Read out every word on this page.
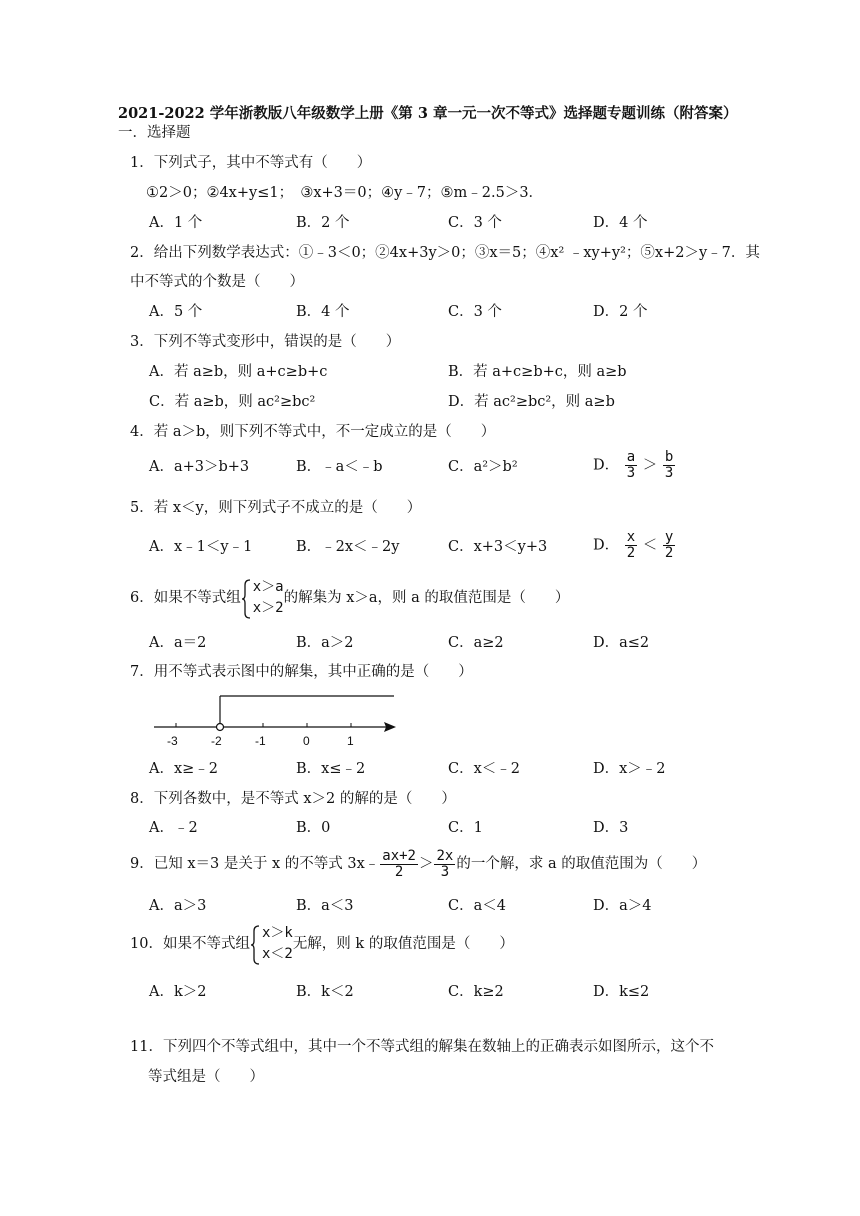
2021-2022 学年浙教版八年级数学上册《第 3 章一元一次不等式》选择题专题训练（附答案）
一．选择题
1．下列式子，其中不等式有（　　）
①2＞0；②4x+y≤1；　③x+3＝0；④y﹣7；⑤m﹣2.5＞3．
A．1 个	B．2 个	C．3 个	D．4 个
2．给出下列数学表达式：①﹣3＜0；②4x+3y＞0；③x＝5；④x² ﹣xy+y²；⑤x+2＞y﹣7．其
中不等式的个数是（　　）
A．5 个	B．4 个	C．3 个	D．2 个
3．下列不等式变形中，错误的是（　　）
A．若 a≥b，则 a+c≥b+c	B．若 a+c≥b+c，则 a≥b
C．若 a≥b，则 ac²≥bc²	D．若 ac²≥bc²，则 a≥b
4．若 a＞b，则下列不等式中，不一定成立的是（　　）
A．a+3＞b+3	B．﹣a＜﹣b	C．a²＞b²	D． $\frac{a}{3} > \frac{b}{3}$
5．若 x＜y，则下列式子不成立的是（　　）
A．x﹣1＜y﹣1	B．﹣2x＜﹣2y	C．x+3＜y+3	D． $\frac{x}{2} < \frac{y}{2}$
6．如果不等式组
x＞a
x＞2
的解集为 x＞a，则 a 的取值范围是（　　）
A．a＝2	B．a＞2	C．a≥2	D．a≤2
7．用不等式表示图中的解集，其中正确的是（　　）
-3	-2	-1	0	1
A．x≥﹣2	B．x≤﹣2	C．x＜﹣2	D．x＞﹣2
8．下列各数中，是不等式 x＞2 的解的是（　　）
A．﹣2	B．0	C．1	D．3
9．已知 x＝3 是关于 x 的不等式 3x﹣ $\frac{ax+2}{2} > \frac{2x}{3}$ 的一个解，求 a 的取值范围为（　　）
A．a＞3	B．a＜3	C．a＜4	D．a＞4
10．如果不等式组
x＞k
x＜2
无解，则 k 的取值范围是（　　）
A．k＞2	B．k＜2	C．k≥2	D．k≤2
11．下列四个不等式组中，其中一个不等式组的解集在数轴上的正确表示如图所示，这个不
等式组是（　　）
